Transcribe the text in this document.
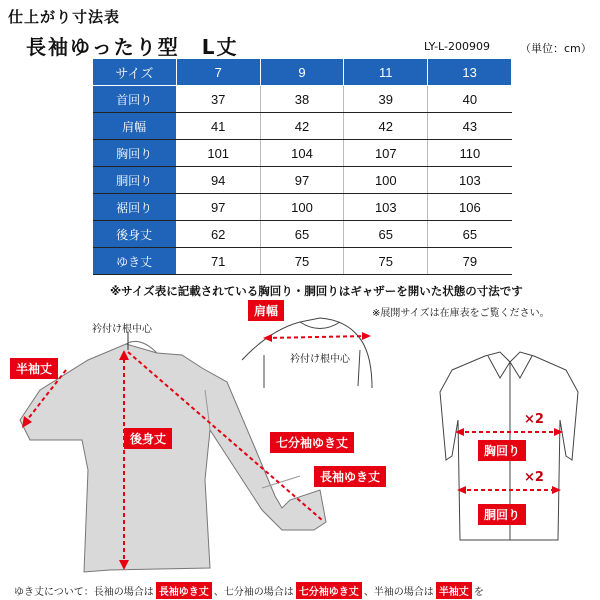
仕上がり寸法表
長袖ゆったり型　L丈	LY-L-200909	（単位：cm）
サイズ	7	9	11	13
首回り	37	38	39	40
肩幅	41	42	42	43
胸回り	101	104	107	110
胴回り	94	97	100	103
裾回り	97	100	103	106
後身丈	62	65	65	65
ゆき丈	71	75	75	79
※サイズ表に記載されている胸回り・胴回りはギャザーを開いた状態の寸法です
※展開サイズは在庫表をご覧ください。
衿付け根中心
衿付け根中心
肩幅
半袖丈
後身丈	七分袖ゆき丈
長袖ゆき丈
胸回り
胴回り
×2
×2
ゆき丈について：長袖の場合は 長袖ゆき丈 、七分袖の場合は 七分袖ゆき丈 、半袖の場合は 半袖丈 を
